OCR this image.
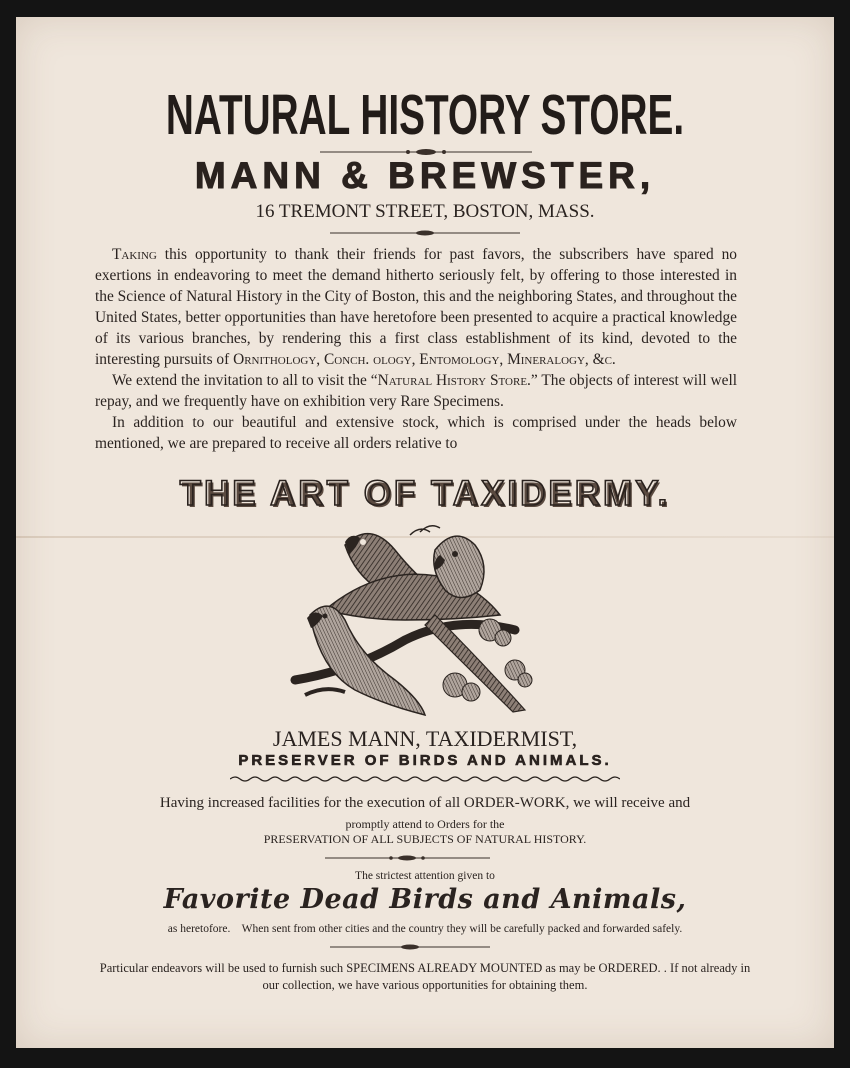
NATURAL HISTORY STORE.
MANN & BREWSTER,
16 TREMONT STREET, BOSTON, MASS.

Taking this opportunity to thank their friends for past favors, the subscribers have spared no exertions in endeavoring to meet the demand hitherto seriously felt, by offering to those interested in the Science of Natural History in the City of Boston, this and the neighboring States, and throughout the United States, better opportunities than have heretofore been presented to acquire a practical knowledge of its various branches, by rendering this a first class establishment of its kind, devoted to the interesting pursuits of Ornithology, Conch. ology, Entomology, Mineralogy, &c.

We extend the invitation to all to visit the “Natural History Store.” The objects of interest will well repay, and we frequently have on exhibition very Rare Specimens.

In addition to our beautiful and extensive stock, which is comprised under the heads below mentioned, we are prepared to receive all orders relative to

THE ART OF TAXIDERMY.
JAMES MANN, TAXIDERMIST,
PRESERVER OF BIRDS AND ANIMALS.
Having increased facilities for the execution of all ORDER-WORK, we will receive and
promptly attend to Orders for the
PRESERVATION OF ALL SUBJECTS OF NATURAL HISTORY.
The strictest attention given to
Favorite Dead Birds and Animals,
as heretofore.    When sent from other cities and the country they will be carefully packed and forwarded safely.
Particular endeavors will be used to furnish such SPECIMENS ALREADY MOUNTED as may be ORDERED. . If not already in our collection, we have various opportunities for obtaining them.
